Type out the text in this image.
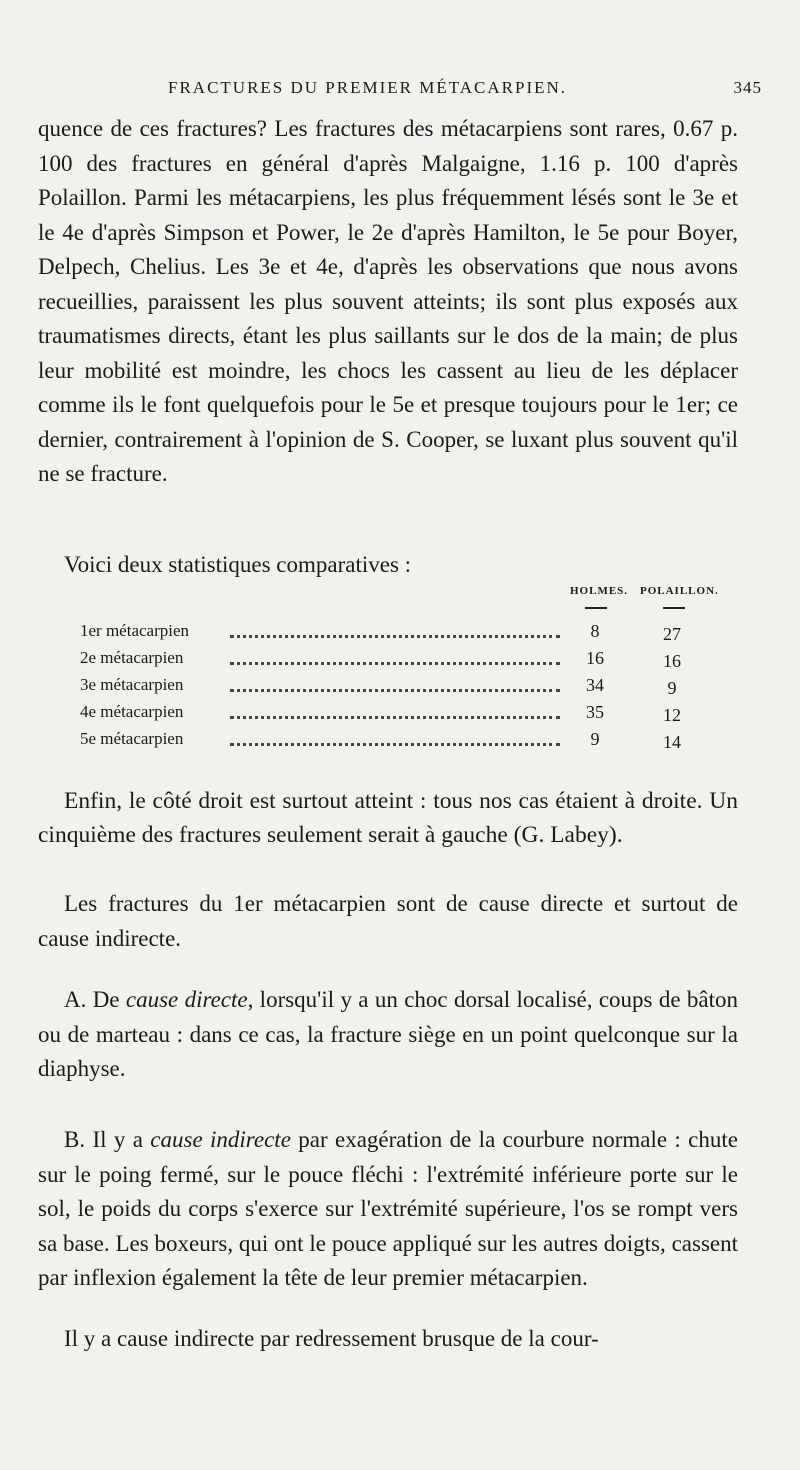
FRACTURES DU PREMIER MÉTACARPIEN.	345
quence de ces fractures? Les fractures des métacarpiens sont rares, 0.67 p. 100 des fractures en général d'après Malgaigne, 1.16 p. 100 d'après Polaillon. Parmi les métacarpiens, les plus fréquemment lésés sont le 3e et le 4e d'après Simpson et Power, le 2e d'après Hamilton, le 5e pour Boyer, Delpech, Chelius. Les 3e et 4e, d'après les observations que nous avons recueillies, paraissent les plus souvent atteints; ils sont plus exposés aux traumatismes directs, étant les plus saillants sur le dos de la main; de plus leur mobilité est moindre, les chocs les cassent au lieu de les déplacer comme ils le font quelquefois pour le 5e et presque toujours pour le 1er; ce dernier, contrairement à l'opinion de S. Cooper, se luxant plus souvent qu'il ne se fracture.
Voici deux statistiques comparatives :
HOLMES. POLAILLON.
1er métacarpien	8	27
2e métacarpien	16	16
3e métacarpien	34	9
4e métacarpien	35	12
5e métacarpien	9	14
Enfin, le côté droit est surtout atteint : tous nos cas étaient à droite. Un cinquième des fractures seulement serait à gauche (G. Labey).
Les fractures du 1er métacarpien sont de cause directe et surtout de cause indirecte.
A. De cause directe, lorsqu'il y a un choc dorsal localisé, coups de bâton ou de marteau : dans ce cas, la fracture siège en un point quelconque sur la diaphyse.
B. Il y a cause indirecte par exagération de la courbure normale : chute sur le poing fermé, sur le pouce fléchi : l'extrémité inférieure porte sur le sol, le poids du corps s'exerce sur l'extrémité supérieure, l'os se rompt vers sa base. Les boxeurs, qui ont le pouce appliqué sur les autres doigts, cassent par inflexion également la tête de leur premier métacarpien.
Il y a cause indirecte par redressement brusque de la cour-
